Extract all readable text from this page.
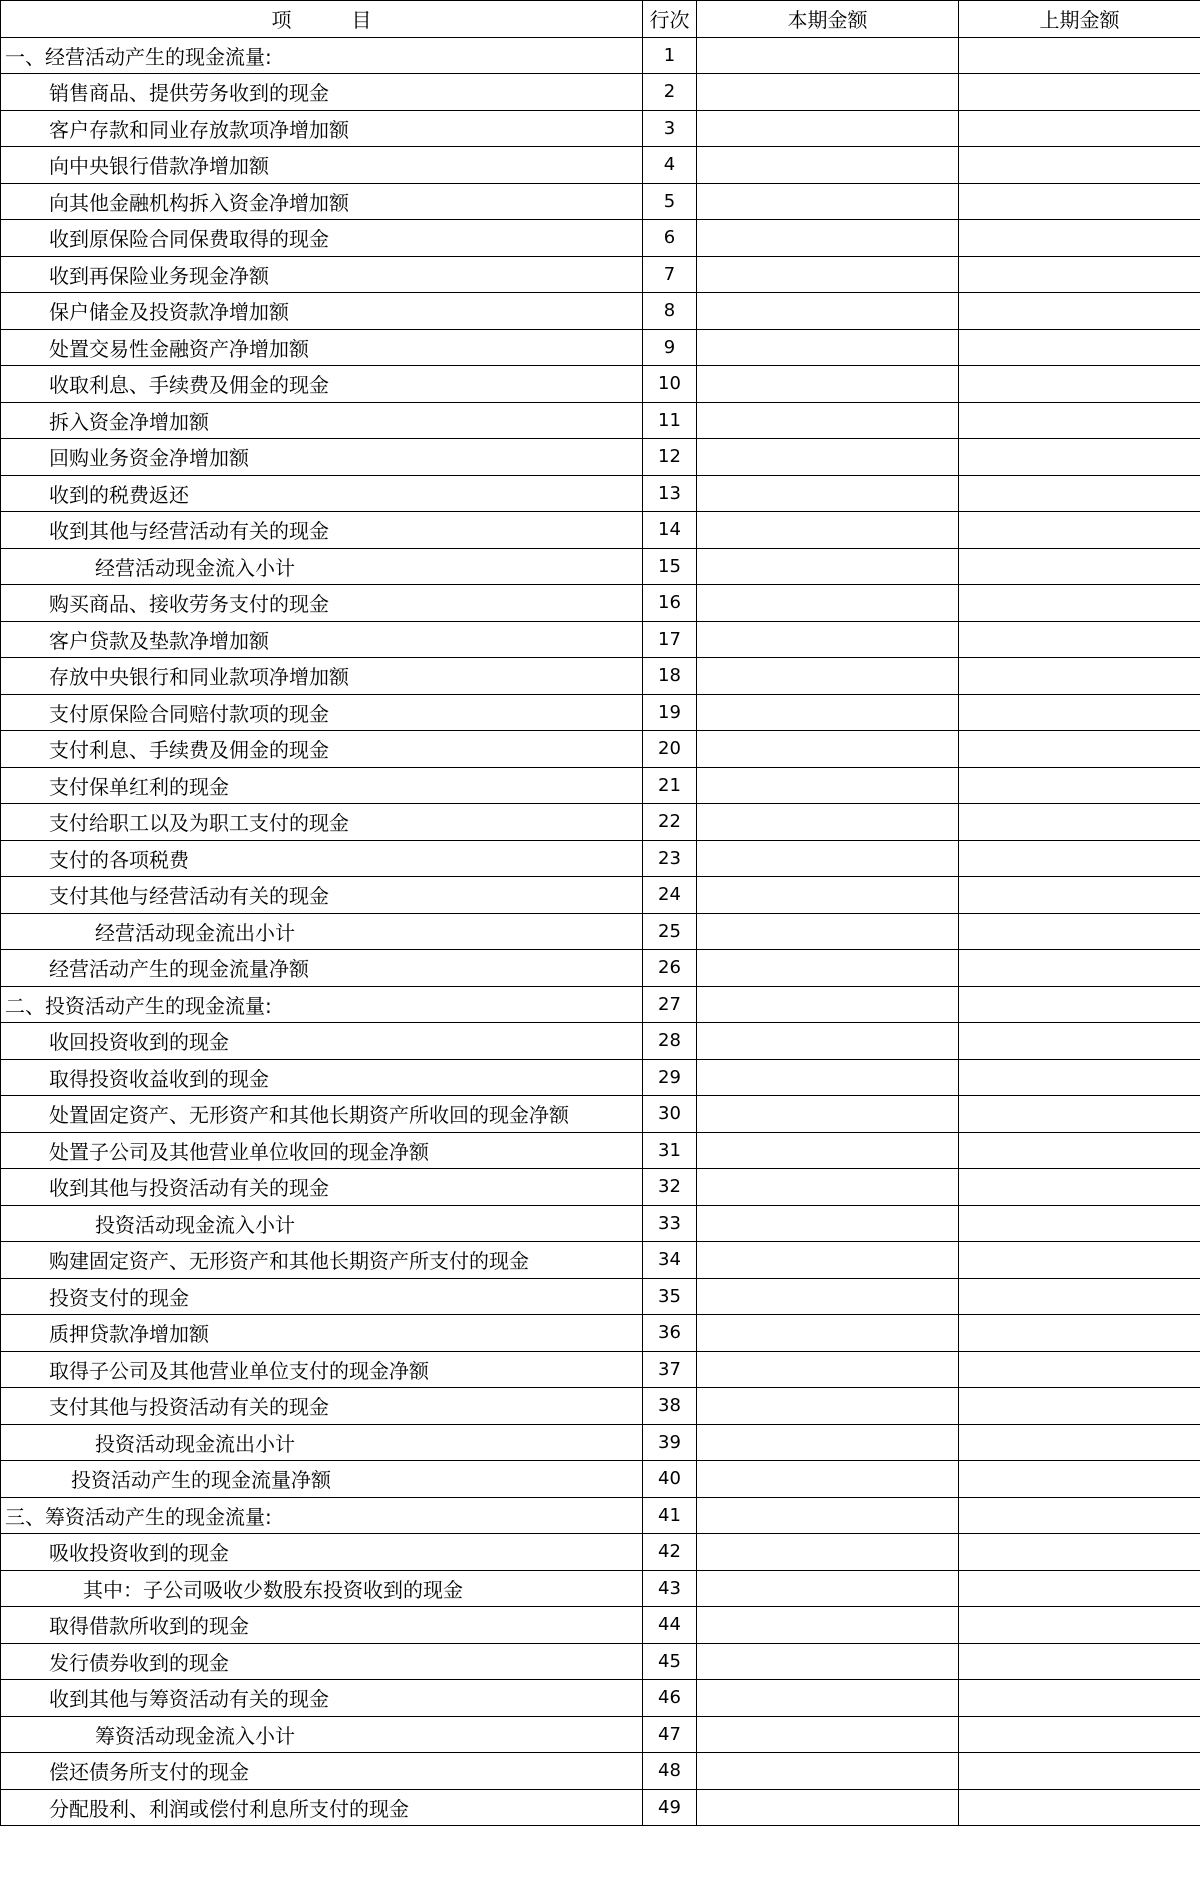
项　　　目	行次	本期金额	上期金额
一、经营活动产生的现金流量:	1		
销售商品、提供劳务收到的现金	2		
客户存款和同业存放款项净增加额	3		
向中央银行借款净增加额	4		
向其他金融机构拆入资金净增加额	5		
收到原保险合同保费取得的现金	6		
收到再保险业务现金净额	7		
保户储金及投资款净增加额	8		
处置交易性金融资产净增加额	9		
收取利息、手续费及佣金的现金	10		
拆入资金净增加额	11		
回购业务资金净增加额	12		
收到的税费返还	13		
收到其他与经营活动有关的现金	14		
经营活动现金流入小计	15		
购买商品、接收劳务支付的现金	16		
客户贷款及垫款净增加额	17		
存放中央银行和同业款项净增加额	18		
支付原保险合同赔付款项的现金	19		
支付利息、手续费及佣金的现金	20		
支付保单红利的现金	21		
支付给职工以及为职工支付的现金	22		
支付的各项税费	23		
支付其他与经营活动有关的现金	24		
经营活动现金流出小计	25		
经营活动产生的现金流量净额	26		
二、投资活动产生的现金流量:	27		
收回投资收到的现金	28		
取得投资收益收到的现金	29		
处置固定资产、无形资产和其他长期资产所收回的现金净额	30		
处置子公司及其他营业单位收回的现金净额	31		
收到其他与投资活动有关的现金	32		
投资活动现金流入小计	33		
购建固定资产、无形资产和其他长期资产所支付的现金	34		
投资支付的现金	35		
质押贷款净增加额	36		
取得子公司及其他营业单位支付的现金净额	37		
支付其他与投资活动有关的现金	38		
投资活动现金流出小计	39		
投资活动产生的现金流量净额	40		
三、筹资活动产生的现金流量:	41		
吸收投资收到的现金	42		
其中：子公司吸收少数股东投资收到的现金	43		
取得借款所收到的现金	44		
发行债券收到的现金	45		
收到其他与筹资活动有关的现金	46		
筹资活动现金流入小计	47		
偿还债务所支付的现金	48		
分配股利、利润或偿付利息所支付的现金	49		
